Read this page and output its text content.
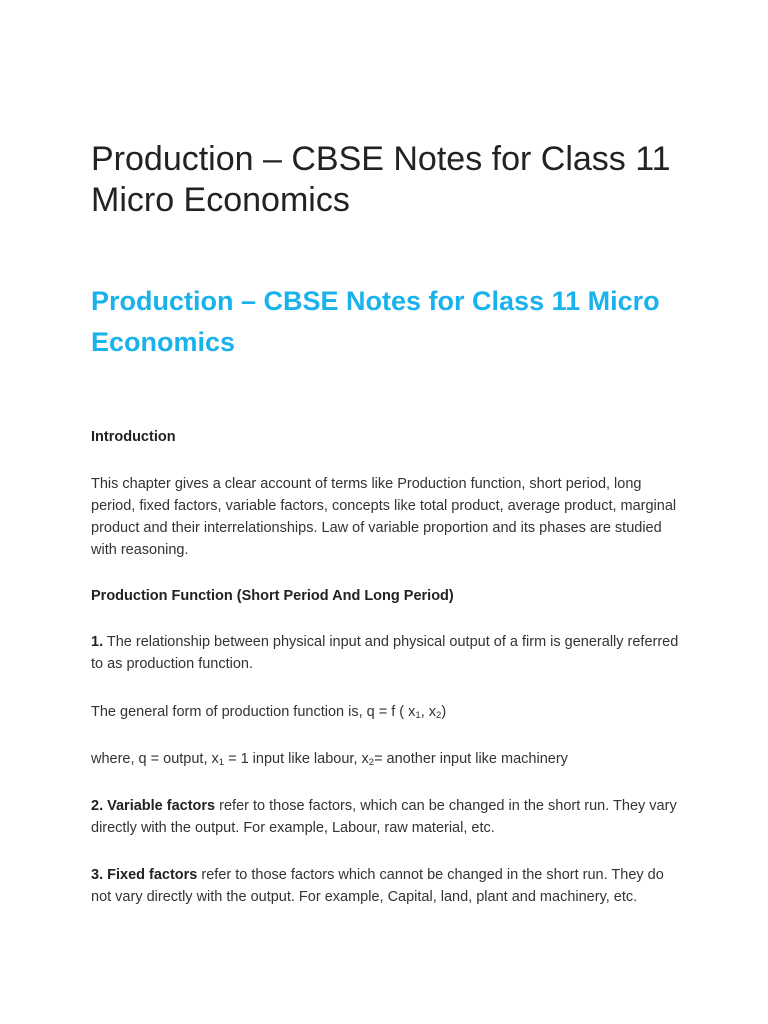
Production – CBSE Notes for Class 11 Micro Economics
Production – CBSE Notes for Class 11 Micro Economics

Introduction

This chapter gives a clear account of terms like Production function, short period, long period, fixed factors, variable factors, concepts like total product, average product, marginal product and their interrelationships. Law of variable proportion and its phases are studied with reasoning.

Production Function (Short Period And Long Period)

1. The relationship between physical input and physical output of a firm is generally referred to as production function.

The general form of production function is, q = f ( $x_1$, $x_2$)

where, q = output, $x_1 = 1$ input like labour, $x_2=$ another input like machinery

2. Variable factors refer to those factors, which can be changed in the short run. They vary directly with the output. For example, Labour, raw material, etc.

3. Fixed factors refer to those factors which cannot be changed in the short run. They do not vary directly with the output. For example, Capital, land, plant and machinery, etc.
